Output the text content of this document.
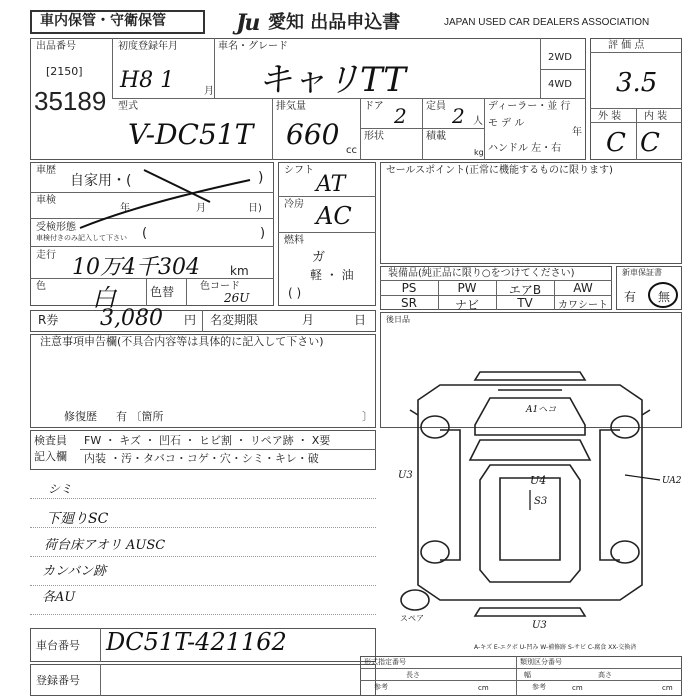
車内保管・守衛保管	Ju 愛知 出品申込書	JAPAN USED CAR DEALERS ASSOCIATION
出品番号
[2150]
35189
初度登録年月
H8 1	月
車名・グレード
キャリTT
2WD
4WD
評 価 点
3.5
外 装 内 装
C C
型式
V-DC51T
排気量
660 cc
ドア 2 定員 2 人
形状	積載
kg
ディーラー・並 行
モ デ ル
年
ハンドル 左・右
車歴
自家用・(	)
車検
年	月	日)
受検形態
車検付きのみ記入して下さい (	)
走行 10万4千304	km
色 白	色替	色コード
26U
シフト
AT
冷房 AC
燃料
ガ
軽 ・ 油
( )
セールスポイント(正常に機能するものに限ります)
装備品(純正品に限り○をつけてください)
PS	PW	エアB	AW
SR	ナビ	TV	カワシート
新車保証書
有 無
R券 3,080 円 名変期限	月	日 後日品
注意事項申告欄(不具合内容等は具体的に記入して下さい)
修復歴 有 〔箇所	〕
検査員
記入欄
FW ・ キズ ・ 凹石 ・ ヒビ割 ・ リペア跡 ・ X要
内装 ・汚・タバコ・コゲ・穴・シミ・キレ・破
シミ
下廻りSC
荷台床アオリ AUSC
カンバン跡
各AU
A1ヘコ
U3	U4
S3
U3
UA2
スペア
A-キズ E-エクボ U-凹み W-補修跡 S-サビ C-腐食 XX-交換済
車台番号 DC51T-421162
登録番号
形式指定番号	類別区分番号
参考
長さ
cm
幅
参考	cm
高さ
cm
